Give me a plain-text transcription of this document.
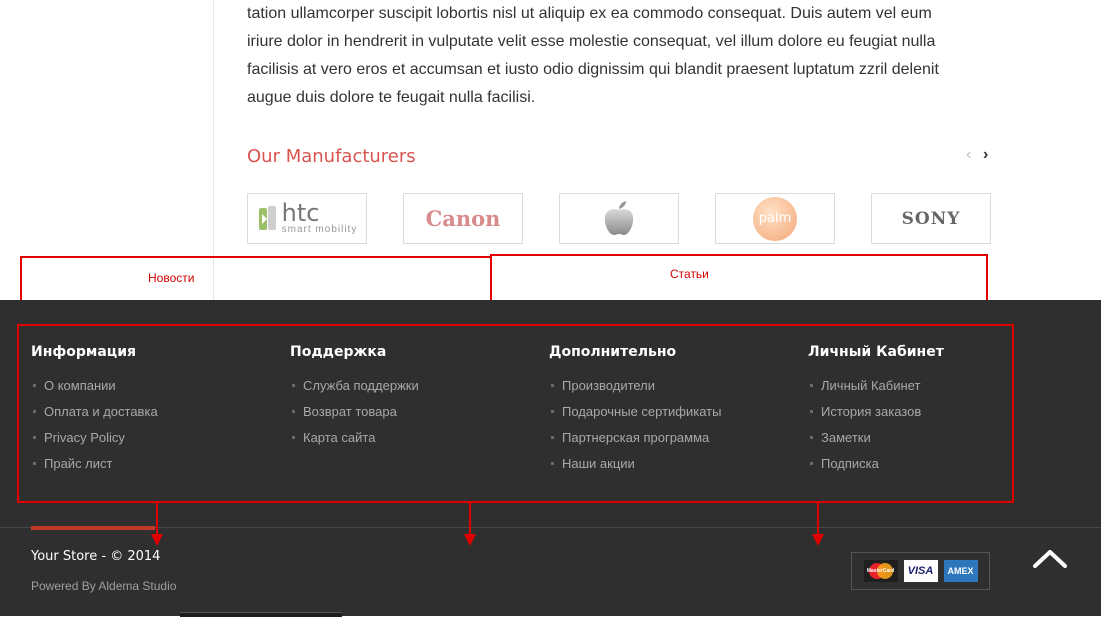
tation ullamcorper suscipit lobortis nisl ut aliquip ex ea commodo consequat. Duis autem vel eum

iriure dolor in hendrerit in vulputate velit esse molestie consequat, vel illum dolore eu feugiat nulla

facilisis at vero eros et accumsan et iusto odio dignissim qui blandit praesent luptatum zzril delenit

augue duis dolore te feugait nulla facilisi.

Our Manufacturers	‹ ›
htc
smart mobility	Canon	palm	SONY
Новости	Статьи
Информация
О компании
Оплата и доставка
Privacy Policy
Прайс лист
Поддержка
Служба поддержки
Возврат товара
Карта сайта
Дополнительно
Производители
Подарочные сертификаты
Партнерская программа
Наши акции
Личный Кабинет
Личный Кабинет
История заказов
Заметки
Подписка
Your Store - © 2014
Powered By Aldema Studio
MasterCard VISA AMEX
